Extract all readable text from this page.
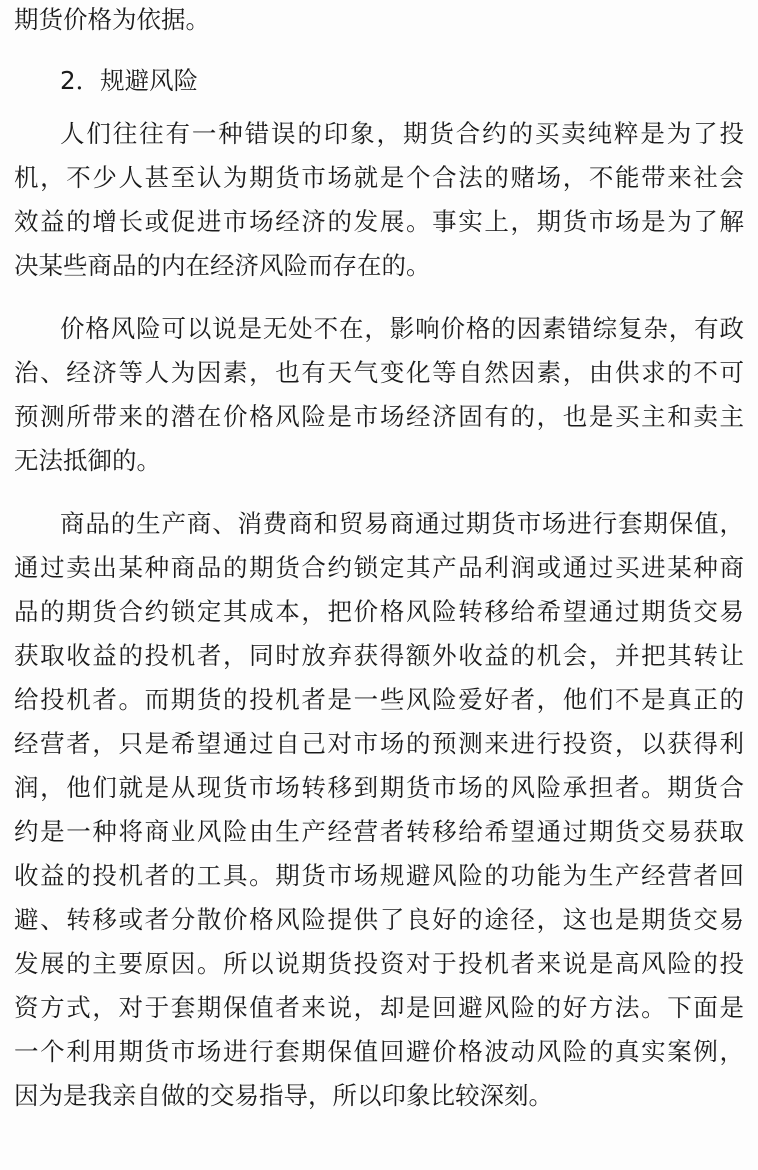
期货价格为依据。
2．规避风险
人们往往有一种错误的印象，期货合约的买卖纯粹是为了投
机，不少人甚至认为期货市场就是个合法的赌场，不能带来社会
效益的增长或促进市场经济的发展。事实上，期货市场是为了解
决某些商品的内在经济风险而存在的。
价格风险可以说是无处不在，影响价格的因素错综复杂，有政
治、经济等人为因素，也有天气变化等自然因素，由供求的不可
预测所带来的潜在价格风险是市场经济固有的，也是买主和卖主
无法抵御的。
商品的生产商、消费商和贸易商通过期货市场进行套期保值，
通过卖出某种商品的期货合约锁定其产品利润或通过买进某种商
品的期货合约锁定其成本，把价格风险转移给希望通过期货交易
获取收益的投机者，同时放弃获得额外收益的机会，并把其转让
给投机者。而期货的投机者是一些风险爱好者，他们不是真正的
经营者，只是希望通过自己对市场的预测来进行投资，以获得利
润，他们就是从现货市场转移到期货市场的风险承担者。期货合
约是一种将商业风险由生产经营者转移给希望通过期货交易获取
收益的投机者的工具。期货市场规避风险的功能为生产经营者回
避、转移或者分散价格风险提供了良好的途径，这也是期货交易
发展的主要原因。所以说期货投资对于投机者来说是高风险的投
资方式，对于套期保值者来说，却是回避风险的好方法。下面是
一个利用期货市场进行套期保值回避价格波动风险的真实案例，
因为是我亲自做的交易指导，所以印象比较深刻。
